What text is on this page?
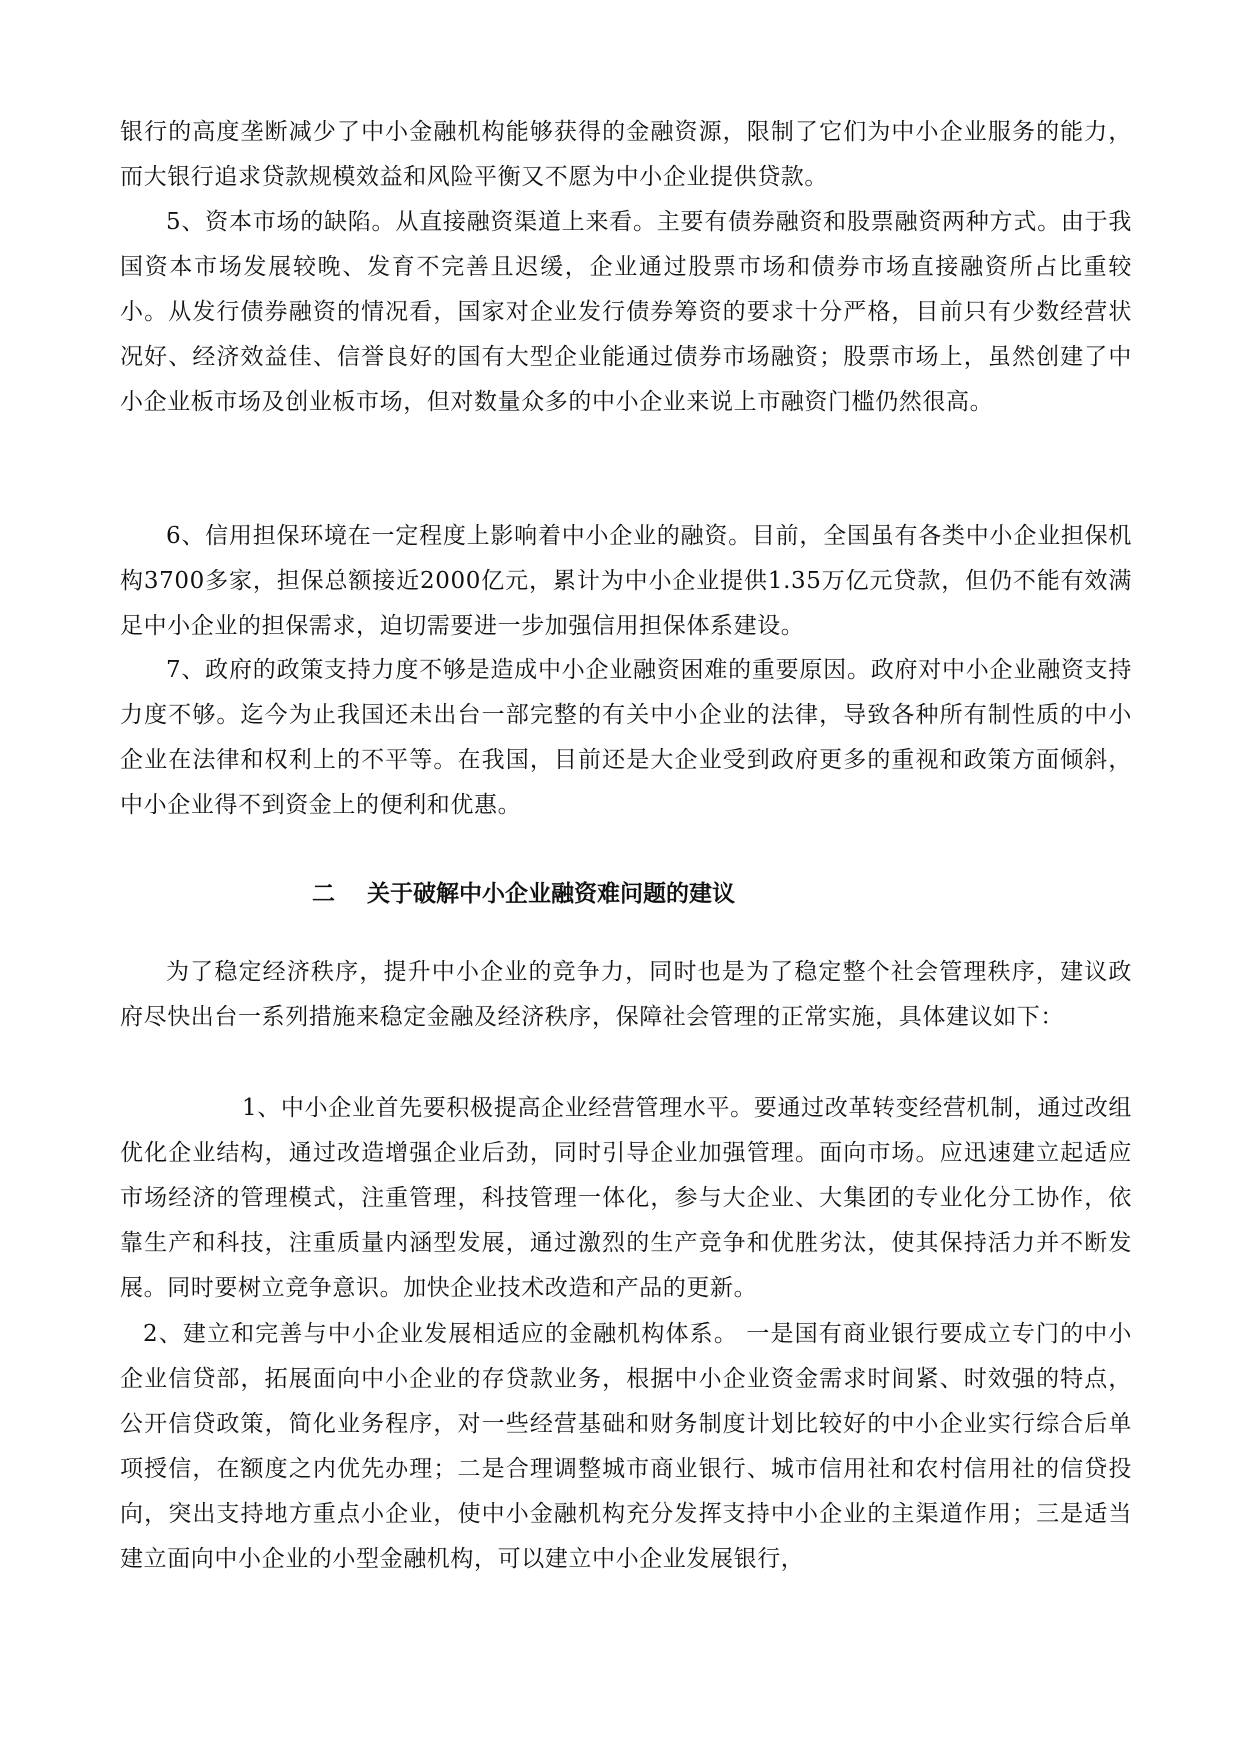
银行的高度垄断减少了中小金融机构能够获得的金融资源，限制了它们为中小企业服务的能力，而大银行追求贷款规模效益和风险平衡又不愿为中小企业提供贷款。

5、资本市场的缺陷。从直接融资渠道上来看。主要有债券融资和股票融资两种方式。由于我国资本市场发展较晚、发育不完善且迟缓，企业通过股票市场和债券市场直接融资所占比重较小。从发行债券融资的情况看，国家对企业发行债券筹资的要求十分严格，目前只有少数经营状况好、经济效益佳、信誉良好的国有大型企业能通过债券市场融资；股票市场上，虽然创建了中小企业板市场及创业板市场，但对数量众多的中小企业来说上市融资门槛仍然很高。

6、信用担保环境在一定程度上影响着中小企业的融资。目前，全国虽有各类中小企业担保机构3700多家，担保总额接近2000亿元，累计为中小企业提供1.35万亿元贷款，但仍不能有效满足中小企业的担保需求，迫切需要进一步加强信用担保体系建设。

7、政府的政策支持力度不够是造成中小企业融资困难的重要原因。政府对中小企业融资支持力度不够。迄今为止我国还未出台一部完整的有关中小企业的法律，导致各种所有制性质的中小企业在法律和权利上的不平等。在我国，目前还是大企业受到政府更多的重视和政策方面倾斜，中小企业得不到资金上的便利和优惠。

二    关于破解中小企业融资难问题的建议

为了稳定经济秩序，提升中小企业的竞争力，同时也是为了稳定整个社会管理秩序，建议政府尽快出台一系列措施来稳定金融及经济秩序，保障社会管理的正常实施，具体建议如下：

1、中小企业首先要积极提高企业经营管理水平。要通过改革转变经营机制，通过改组优化企业结构，通过改造增强企业后劲，同时引导企业加强管理。面向市场。应迅速建立起适应市场经济的管理模式，注重管理，科技管理一体化，参与大企业、大集团的专业化分工协作，依靠生产和科技，注重质量内涵型发展，通过激烈的生产竞争和优胜劣汰，使其保持活力并不断发展。同时要树立竞争意识。加快企业技术改造和产品的更新。

2、建立和完善与中小企业发展相适应的金融机构体系。 一是国有商业银行要成立专门的中小企业信贷部，拓展面向中小企业的存贷款业务，根据中小企业资金需求时间紧、时效强的特点，公开信贷政策，简化业务程序，对一些经营基础和财务制度计划比较好的中小企业实行综合后单项授信，在额度之内优先办理；二是合理调整城市商业银行、城市信用社和农村信用社的信贷投向，突出支持地方重点小企业，使中小金融机构充分发挥支持中小企业的主渠道作用；三是适当建立面向中小企业的小型金融机构，可以建立中小企业发展银行，
